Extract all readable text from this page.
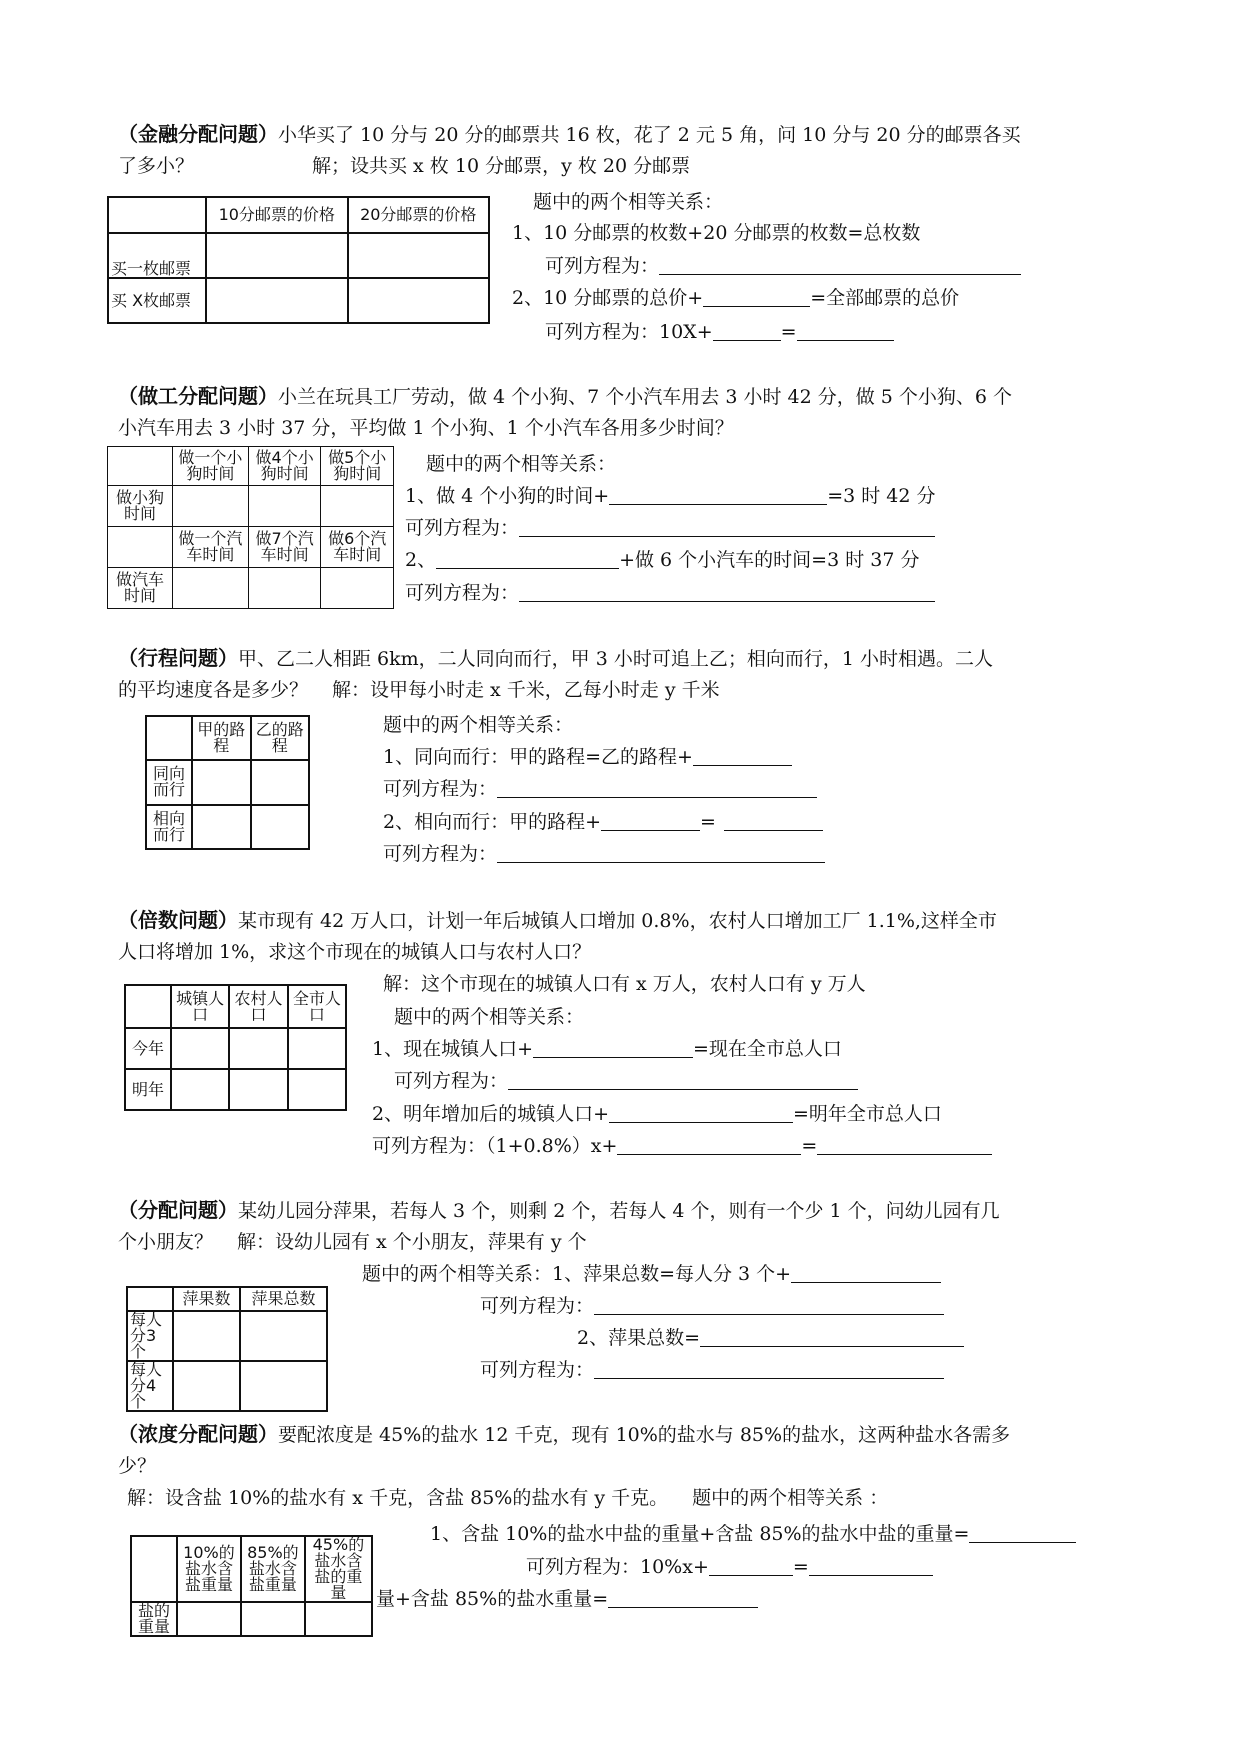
（金融分配问题）小华买了 10 分与 20 分的邮票共 16 枚，花了 2 元 5 角，问 10 分与 20 分的邮票各买
了多小？	解；设共买 x 枚 10 分邮票，y 枚 20 分邮票
	10分邮票的价格	20分邮票的价格
买一枚邮票		
买 X枚邮票		
题中的两个相等关系：
1、10 分邮票的枚数+20 分邮票的枚数=总枚数
可列方程为：
2、10 分邮票的总价+	=全部邮票的总价
可列方程为：10X+	=
（做工分配问题）小兰在玩具工厂劳动，做 4 个小狗、7 个小汽车用去 3 小时 42 分，做 5 个小狗、6 个
小汽车用去 3 小时 37 分，平均做 1 个小狗、1 个小汽车各用多少时间？
	做一个小狗时间	做4个小狗时间	做5个小狗时间
做小狗时间			
	做一个汽车时间	做7个汽车时间	做6个汽车时间
做汽车时间			
题中的两个相等关系：
1、做 4 个小狗的时间+	=3 时 42 分
可列方程为：
2、	+做 6 个小汽车的时间=3 时 37 分
可列方程为：
（行程问题）甲、乙二人相距 6km，二人同向而行，甲 3 小时可追上乙；相向而行，1 小时相遇。二人
的平均速度各是多少？ 解：设甲每小时走 x 千米，乙每小时走 y 千米
	甲的路程	乙的路程
同向而行		
相向而行		
题中的两个相等关系：
1、同向而行：甲的路程=乙的路程+
可列方程为：
2、相向而行：甲的路程+	=
可列方程为：
（倍数问题）某市现有 42 万人口，计划一年后城镇人口增加 0.8%，农村人口增加工厂 1.1%,这样全市
人口将增加 1%，求这个市现在的城镇人口与农村人口？
	城镇人口	农村人口	全市人口
今年			
明年			
解：这个市现在的城镇人口有 x 万人，农村人口有 y 万人
题中的两个相等关系：
1、现在城镇人口+	=现在全市总人口
可列方程为：
2、明年增加后的城镇人口+	=明年全市总人口
可列方程为：（1+0.8%）x+	=
（分配问题）某幼儿园分萍果，若每人 3 个，则剩 2 个，若每人 4 个，则有一个少 1 个，问幼儿园有几
个小朋友？ 解：设幼儿园有 x 个小朋友，萍果有 y 个
	萍果数	萍果总数
每人分3个		
每人分4个		
题中的两个相等关系：1、萍果总数=每人分 3 个+
可列方程为：
2、萍果总数=
可列方程为：
（浓度分配问题）要配浓度是 45%的盐水 12 千克，现有 10%的盐水与 85%的盐水，这两种盐水各需多
少？
解：设含盐 10%的盐水有 x 千克，含盐 85%的盐水有 y 千克。 题中的两个相等关系 ：
	10%的盐水含盐重量	85%的盐水含盐重量	45%的盐水含盐的重量
盐的重量			
1、含盐 10%的盐水中盐的重量+含盐 85%的盐水中盐的重量=
可列方程为：10%x+	=
量+含盐 85%的盐水重量=
